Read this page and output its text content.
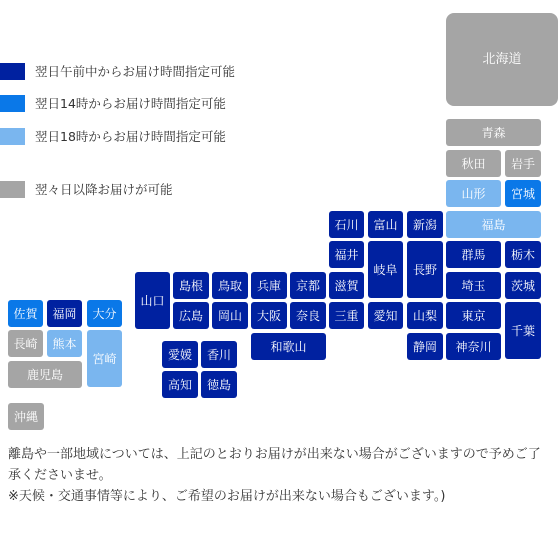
翌日午前中からお届け時間指定可能
翌日14時からお届け時間指定可能
翌日18時からお届け時間指定可能
翌々日以降お届けが可能
北海道
青森
秋田	岩手
山形	宮城
福島
石川	富山	新潟
福井
岐阜	長野
群馬	栃木
埼玉	茨城
山口
島根	鳥取	兵庫	京都	滋賀
広島	岡山	大阪	奈良	三重	愛知	山梨	東京
千葉
和歌山	静岡	神奈川
佐賀	福岡	大分
長崎	熊本
宮崎
鹿児島
愛媛	香川
高知	徳島
沖縄

離島や一部地域については、上記のとおりお届けが出来ない場合がございますので予めご了承くださいませ。

※天候・交通事情等により、ご希望のお届けが出来ない場合もございます。)
